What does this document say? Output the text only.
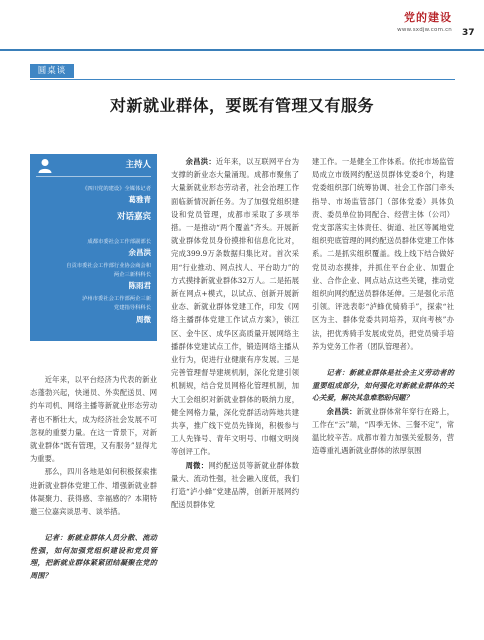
党的建设
www.sxdjw.com.cn 37
圆桌谈
对新就业群体，要既有管理又有服务
主持人
《四川党的建设》全媒体记者
葛雅青
对话嘉宾
成都市委社会工作部副部长
余昌洪
自贡市委社会工作部行业协会商会和
两企三新科科长
陈雨君
泸州市委社会工作部两企三新
党建指导科科长
周微

近年来，以平台经济为代表的新业态蓬勃兴起，快递员、外卖配送员、网约车司机、网络主播等新就业形态劳动者也不断壮大，成为经济社会发展不可忽视的重要力量。在这一背景下，对新就业群体“既有管理，又有服务”显得尤为重要。

那么，四川各地是如何积极探索推进新就业群体党建工作、增强新就业群体凝聚力、获得感、幸福感的？本期特邀三位嘉宾谈思考、谈举措。

记者：新就业群体人员分散、流动性强，如何加强党组织建设和党员管理，把新就业群体紧紧团结凝聚在党的周围？

余昌洪：近年来，以互联网平台为支撑的新业态大量涌现。成都市聚焦了大量新就业形态劳动者，社会治理工作面临新情况新任务。为了加强党组织建设和党员管理，成都市采取了多项举措。一是推动“两个覆盖”齐头。开展新就业群体党员身份摸排和信息化比对，完成399.9万条数据归集比对。首次采用“行业推动、网点找人、平台助力”的方式摸排新就业群体32万人。二是拓展新在网点+模式，以试点、创新开展新业态、新就业群体党建工作，印发《网络主播群体党建工作试点方案》，锁江区、金牛区、成华区高质量开展网络主播群体党建试点工作，锻造网络主播从业行为，促进行业健康有序发展。三是完善管理督导建规机制，深化党建引领机制规，结合党员网格化管理机制，加大工会组织对新就业群体的吸纳力度，健全网格力量，深化党群活动阵地共建共享，推广线下党员先锋岗，积极参与工人先锋号、青年文明号、巾帼文明岗等创评工作。

周微：网约配送员等新就业群体数量大、流动性强，社会融入度低，我们打造“泸小蜂”党建品牌，创新开展网约配送员群体党

建工作。一是健全工作体系。依托市场监管局成立市级网约配送员群体党委8个，构建党委组织部门统筹协调、社会工作部门牵头指导、市场监管部门（部体党委）具体负责、委员单位协同配合、经营主体（公司）党支部落实主体责任、街道、社区等属地党组织兜底管理的网约配送员群体党建工作体系。二是抓实组织覆盖。线上线下结合做好党员动态摸排，并抓住平台企业、加盟企业、合作企业、网点站点这些关键，推动党组织向网约配送员群体延伸。三是强化示范引领。评选表彰“泸蜂优骑骑手”，探索“社区为主、群体党委共同培养，双向考核”办法，把优秀骑手发展成党员，把党员骑手培养为党务工作者（团队管理者）。

记者：新就业群体是社会主义劳动者的重要组成部分，如何强化对新就业群体的关心关爱，解决其急难愁盼问题？

余昌洪：新就业群体常年穿行在路上，工作在“云”端，“四季无休、三餐不定”，常温比较辛苦。成都市着力加强关爱服务，营造尊重礼遇新就业群体的浓厚氛围
